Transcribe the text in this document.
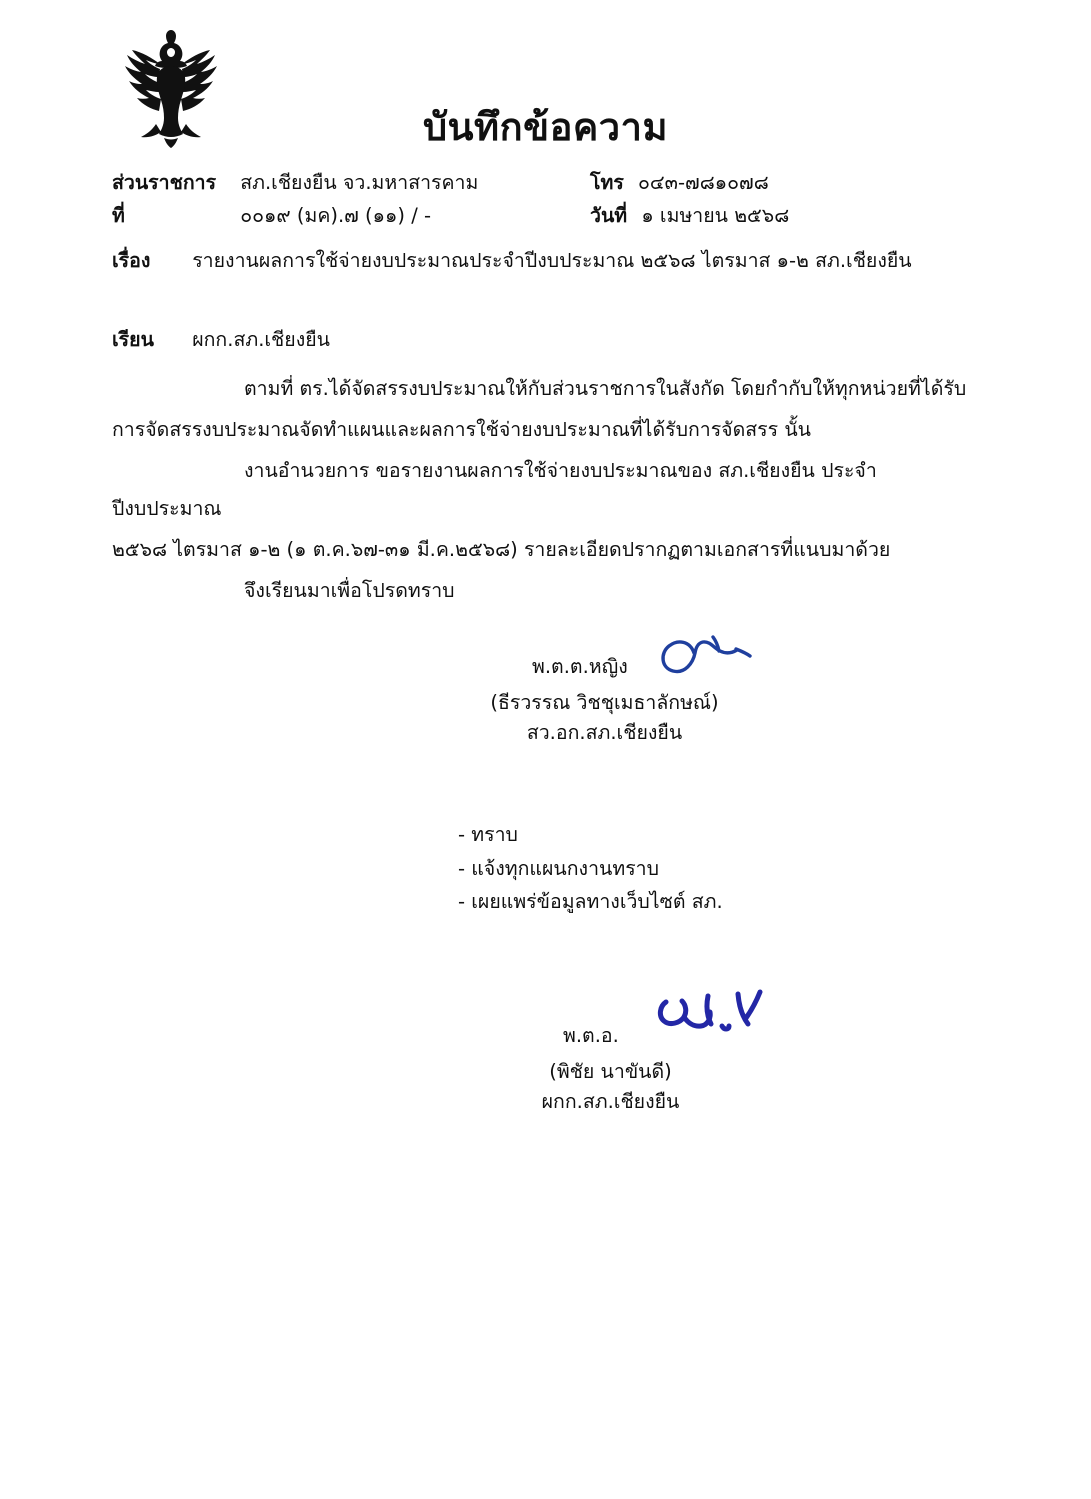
บันทึกข้อความ
ส่วนราชการ สภ.เชียงยืน จว.มหาสารคาม	โทร ๐๔๓-๗๘๑๐๗๘
ที่	๐๐๑๙ (มค).๗ (๑๑) / -	วันที่ ๑ เมษายน ๒๕๖๘
เรื่อง รายงานผลการใช้จ่ายงบประมาณประจำปีงบประมาณ ๒๕๖๘ ไตรมาส ๑-๒ สภ.เชียงยืน
เรียน ผกก.สภ.เชียงยืน

ตามที่ ตร.ได้จัดสรรงบประมาณให้กับส่วนราชการในสังกัด โดยกำกับให้ทุกหน่วยที่ได้รับ

การจัดสรรงบประมาณจัดทำแผนและผลการใช้จ่ายงบประมาณที่ได้รับการจัดสรร นั้น

งานอำนวยการ ขอรายงานผลการใช้จ่ายงบประมาณของ สภ.เชียงยืน ประจำปีงบประมาณ

๒๕๖๘ ไตรมาส ๑-๒ (๑ ต.ค.๖๗-๓๑ มี.ค.๒๕๖๘) รายละเอียดปรากฏตามเอกสารที่แนบมาด้วย

จึงเรียนมาเพื่อโปรดทราบ

พ.ต.ต.หญิง
(ธีรวรรณ วิชชุเมธาลักษณ์)
สว.อก.สภ.เชียงยืน
- ทราบ
- แจ้งทุกแผนกงานทราบ
- เผยแพร่ข้อมูลทางเว็บไซต์ สภ.
พ.ต.อ.
(พิชัย นาขันดี)
ผกก.สภ.เชียงยืน
